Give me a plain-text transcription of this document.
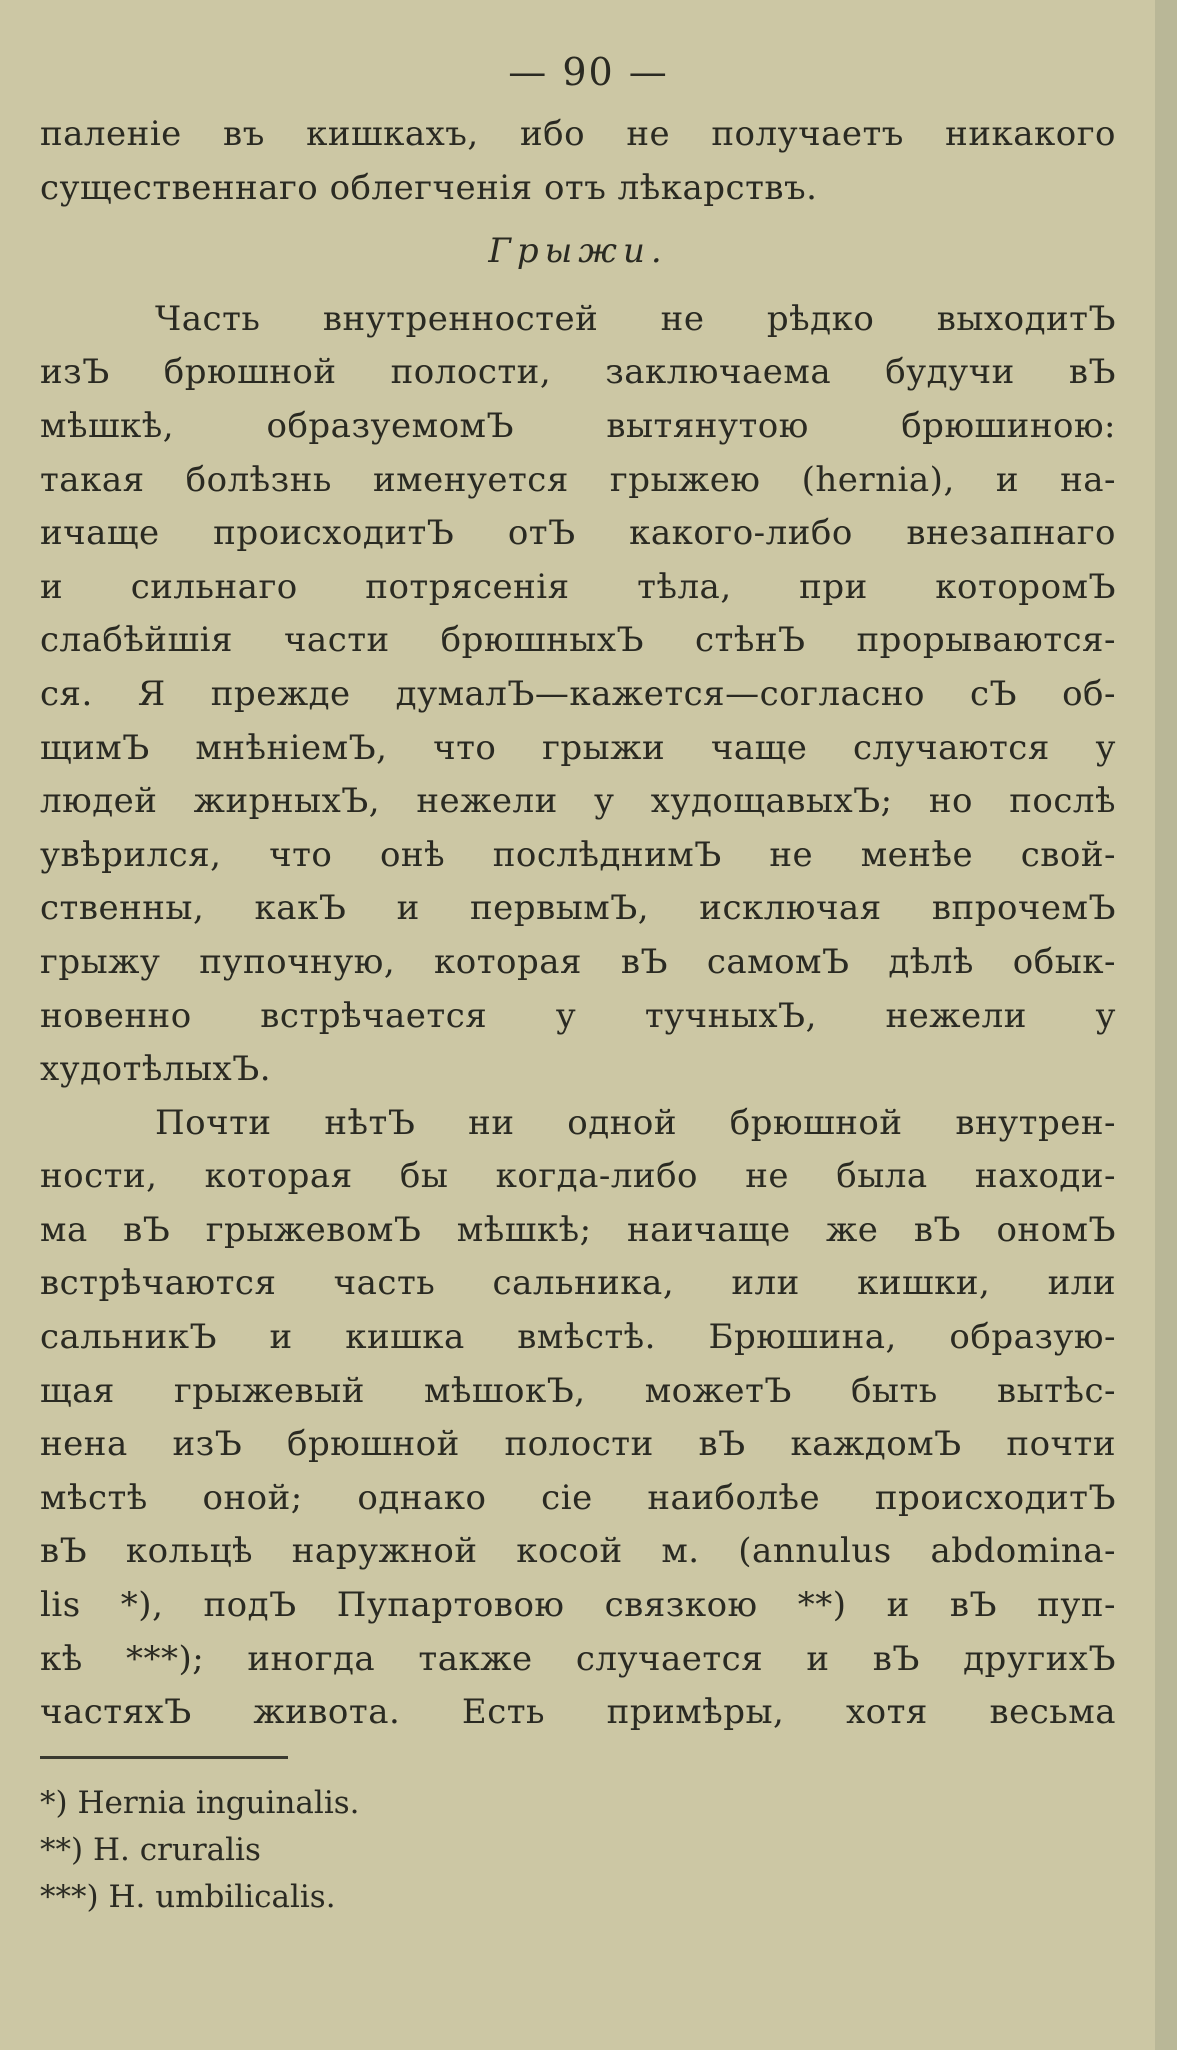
— 90 —
паленіе въ кишкахъ, ибо не получаетъ никакого
существеннаго облегченія отъ лѣкарствъ.
Грыжи.
Часть внутренностей не рѣдко выходитЪ
изЪ брюшной полости, заключаема будучи вЪ
мѣшкѣ, образуемомЪ вытянутою брюшиною:
такая болѣзнь именуется грыжею (hernia), и на-
ичаще происходитЪ отЪ какого-либо внезапнаго
и сильнаго потрясенія тѣла, при которомЪ
слабѣйшія части брюшныхЪ стѣнЪ прорываются-
ся. Я прежде думалЪ—кажется—согласно сЪ об-
щимЪ мнѣніемЪ, что грыжи чаще случаются у
людей жирныхЪ, нежели у худощавыхЪ; но послѣ
увѣрился, что онѣ послѣднимЪ не менѣе свой-
ственны, какЪ и первымЪ, исключая впрочемЪ
грыжу пупочную, которая вЪ самомЪ дѣлѣ обык-
новенно встрѣчается у тучныхЪ, нежели у
худотѣлыхЪ.
Почти нѣтЪ ни одной брюшной внутрен-
ности, которая бы когда-либо не была находи-
ма вЪ грыжевомЪ мѣшкѣ; наичаще же вЪ ономЪ
встрѣчаются часть сальника, или кишки, или
сальникЪ и кишка вмѣстѣ. Брюшина, образую-
щая грыжевый мѣшокЪ, можетЪ быть вытѣс-
нена изЪ брюшной полости вЪ каждомЪ почти
мѣстѣ оной; однако сіе наиболѣе происходитЪ
вЪ кольцѣ наружной косой м. (annulus abdomina-
lis *), подЪ Пупартовою связкою **) и вЪ пуп-
кѣ ***); иногда также случается и вЪ другихЪ
частяхЪ живота. Есть примѣры, хотя весьма
*) Hernia inguinalis.
**) H. cruralis
***) H. umbilicalis.
